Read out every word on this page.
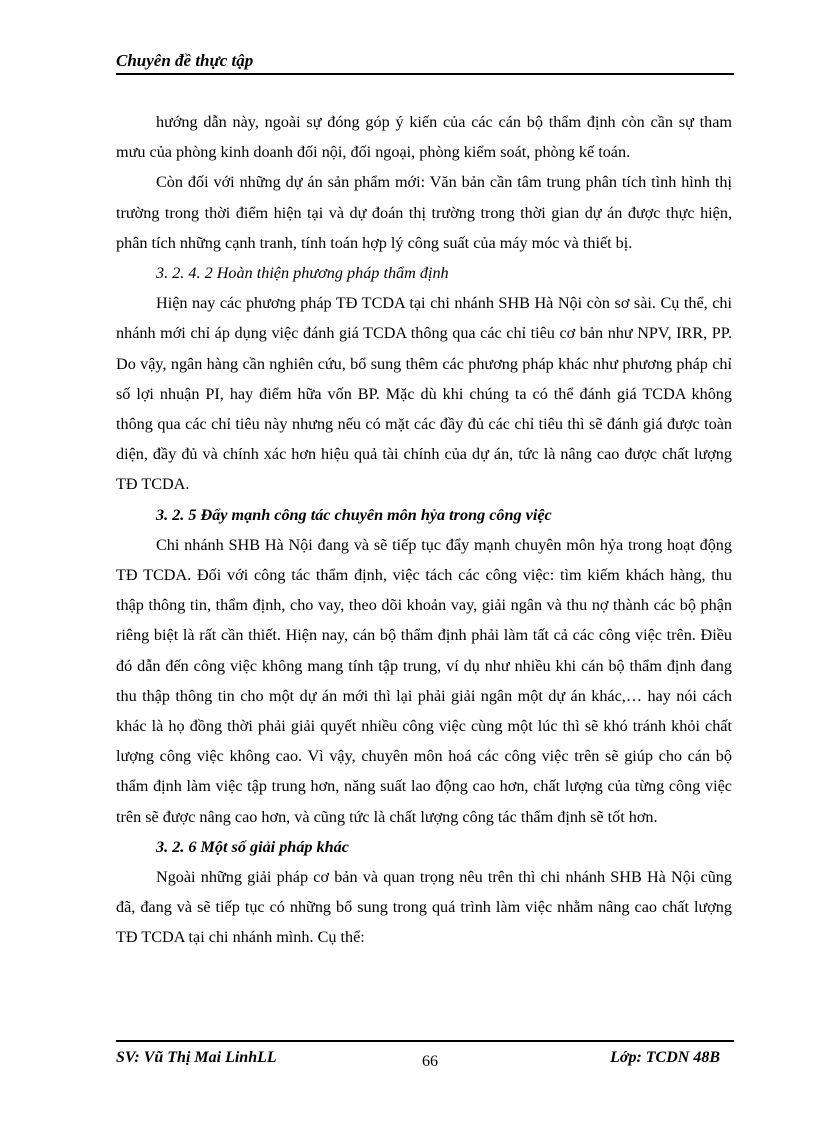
Chuyên đề thực tập

hướng dẫn này, ngoài sự đóng góp ý kiến của các cán bộ thẩm định còn cần sự tham mưu của phòng kinh doanh đối nội, đối ngoại, phòng kiểm soát, phòng kế toán.

Còn đối với những dự án sản phẩm mới: Văn bản cần tâm trung phân tích tình hình thị trường trong thời điểm hiện tại và dự đoán thị trường trong thời gian dự án được thực hiện, phân tích những cạnh tranh, tính toán hợp lý công suất của máy móc và thiết bị.

3. 2. 4. 2 Hoàn thiện phương pháp thẩm định

Hiện nay các phương pháp TĐ TCDA tại chi nhánh SHB Hà Nội còn sơ sài. Cụ thể, chi nhánh mới chỉ áp dụng việc đánh giá TCDA thông qua các chỉ tiêu cơ bản như NPV, IRR, PP. Do vậy, ngân hàng cần nghiên cứu, bổ sung thêm các phương pháp khác như phương pháp chỉ số lợi nhuận PI, hay điểm hữa vốn BP. Mặc dù khi chúng ta có thể đánh giá TCDA không thông qua các chỉ tiêu này nhưng nếu có mặt các đầy đủ các chỉ tiêu thì sẽ đánh giá được toàn diện, đầy đủ và chính xác hơn hiệu quả tài chính của dự án, tức là nâng cao được chất lượng TĐ TCDA.

3. 2. 5 Đẩy mạnh công tác chuyên môn hỷa trong công việc

Chi nhánh SHB Hà Nội đang và sẽ tiếp tục đẩy mạnh chuyên môn hỷa trong hoạt động TĐ TCDA. Đối với công tác thẩm định, việc tách các công việc: tìm kiếm khách hàng, thu thập thông tin, thẩm định, cho vay, theo dõi khoản vay, giải ngân và thu nợ thành các bộ phận riêng biệt là rất cần thiết. Hiện nay, cán bộ thẩm định phải làm tất cả các công việc trên. Điều đó dẫn đến công việc không mang tính tập trung, ví dụ như nhiều khi cán bộ thẩm định đang thu thập thông tin cho một dự án mới thì lại phải giải ngân một dự án khác,… hay nói cách khác là họ đồng thời phải giải quyết nhiều công việc cùng một lúc thì sẽ khó tránh khỏi chất lượng công việc không cao. Vì vậy, chuyên môn hoá các công việc trên sẽ giúp cho cán bộ thẩm định làm việc tập trung hơn, năng suất lao động cao hơn, chất lượng của từng công việc trên sẽ được nâng cao hơn, và cũng tức là chất lượng công tác thẩm định sẽ tốt hơn.

3. 2. 6 Một số giải pháp khác

Ngoài những giải pháp cơ bản và quan trọng nêu trên thì chi nhánh SHB Hà Nội cũng đã, đang và sẽ tiếp tục có những bổ sung trong quá trình làm việc nhằm nâng cao chất lượng TĐ TCDA tại chi nhánh mình. Cụ thể:

SV: Vũ Thị Mai LinhLL	66	Lớp: TCDN 48B
